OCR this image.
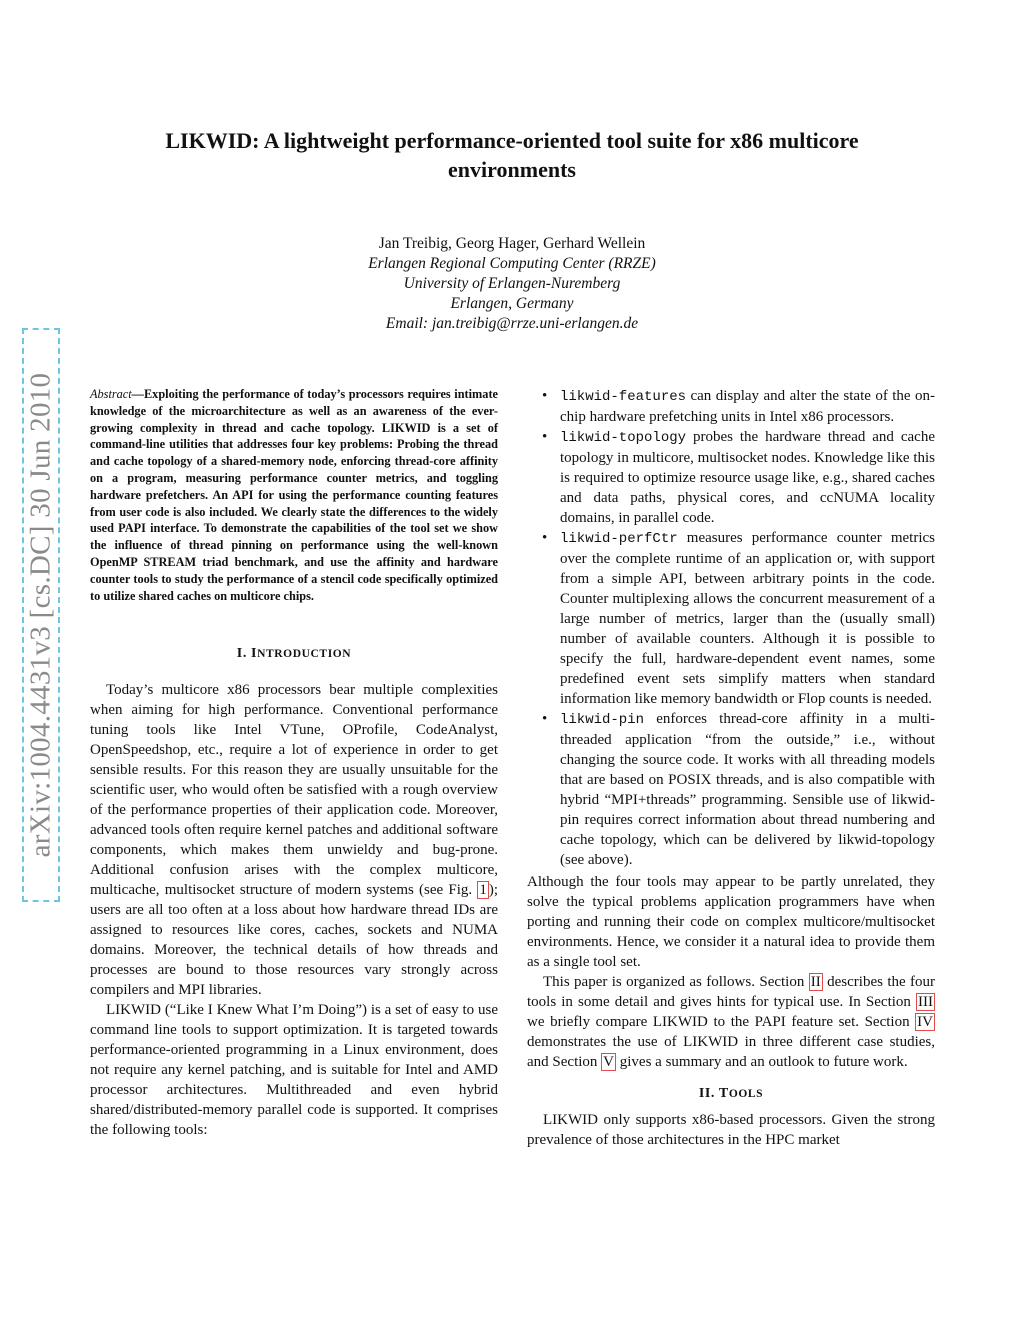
arXiv:1004.4431v3 [cs.DC] 30 Jun 2010
LIKWID: A lightweight performance-oriented tool suite for x86 multicore environments
Jan Treibig, Georg Hager, Gerhard Wellein
Erlangen Regional Computing Center (RRZE)
University of Erlangen-Nuremberg
Erlangen, Germany
Email: jan.treibig@rrze.uni-erlangen.de

Abstract—Exploiting the performance of today’s processors requires intimate knowledge of the microarchitecture as well as an awareness of the ever-growing complexity in thread and cache topology. LIKWID is a set of command-line utilities that addresses four key problems: Probing the thread and cache topology of a shared-memory node, enforcing thread-core affinity on a program, measuring performance counter metrics, and toggling hardware prefetchers. An API for using the performance counting features from user code is also included. We clearly state the differences to the widely used PAPI interface. To demonstrate the capabilities of the tool set we show the influence of thread pinning on performance using the well-known OpenMP STREAM triad benchmark, and use the affinity and hardware counter tools to study the performance of a stencil code specifically optimized to utilize shared caches on multicore chips.

I. INTRODUCTION

Today’s multicore x86 processors bear multiple complexities when aiming for high performance. Conventional performance tuning tools like Intel VTune, OProfile, CodeAnalyst, OpenSpeedshop, etc., require a lot of experience in order to get sensible results. For this reason they are usually unsuitable for the scientific user, who would often be satisfied with a rough overview of the performance properties of their application code. Moreover, advanced tools often require kernel patches and additional software components, which makes them unwieldy and bug-prone. Additional confusion arises with the complex multicore, multicache, multisocket structure of modern systems (see Fig. 1 ); users are all too often at a loss about how hardware thread IDs are assigned to resources like cores, caches, sockets and NUMA domains. Moreover, the technical details of how threads and processes are bound to those resources vary strongly across compilers and MPI libraries.

LIKWID (“Like I Knew What I’m Doing”) is a set of easy to use command line tools to support optimization. It is targeted towards performance-oriented programming in a Linux environment, does not require any kernel patching, and is suitable for Intel and AMD processor architectures. Multithreaded and even hybrid shared/distributed-memory parallel code is supported. It comprises the following tools:

• likwid-features can display and alter the state of the on-chip hardware prefetching units in Intel x86 processors.
• likwid-topology probes the hardware thread and cache topology in multicore, multisocket nodes. Knowledge like this is required to optimize resource usage like, e.g., shared caches and data paths, physical cores, and ccNUMA locality domains, in parallel code.
• likwid-perfCtr measures performance counter metrics over the complete runtime of an application or, with support from a simple API, between arbitrary points in the code. Counter multiplexing allows the concurrent measurement of a large number of metrics, larger than the (usually small) number of available counters. Although it is possible to specify the full, hardware-dependent event names, some predefined event sets simplify matters when standard information like memory bandwidth or Flop counts is needed.
• likwid-pin enforces thread-core affinity in a multi-threaded application “from the outside,” i.e., without changing the source code. It works with all threading models that are based on POSIX threads, and is also compatible with hybrid “MPI+threads” programming. Sensible use of likwid-pin requires correct information about thread numbering and cache topology, which can be delivered by likwid-topology (see above).

Although the four tools may appear to be partly unrelated, they solve the typical problems application programmers have when porting and running their code on complex multicore/multisocket environments. Hence, we consider it a natural idea to provide them as a single tool set.

This paper is organized as follows. Section II describes the four tools in some detail and gives hints for typical use. In Section III we briefly compare LIKWID to the PAPI feature set. Section IV demonstrates the use of LIKWID in three different case studies, and Section V gives a summary and an outlook to future work.

II. TOOLS

LIKWID only supports x86-based processors. Given the strong prevalence of those architectures in the HPC market
